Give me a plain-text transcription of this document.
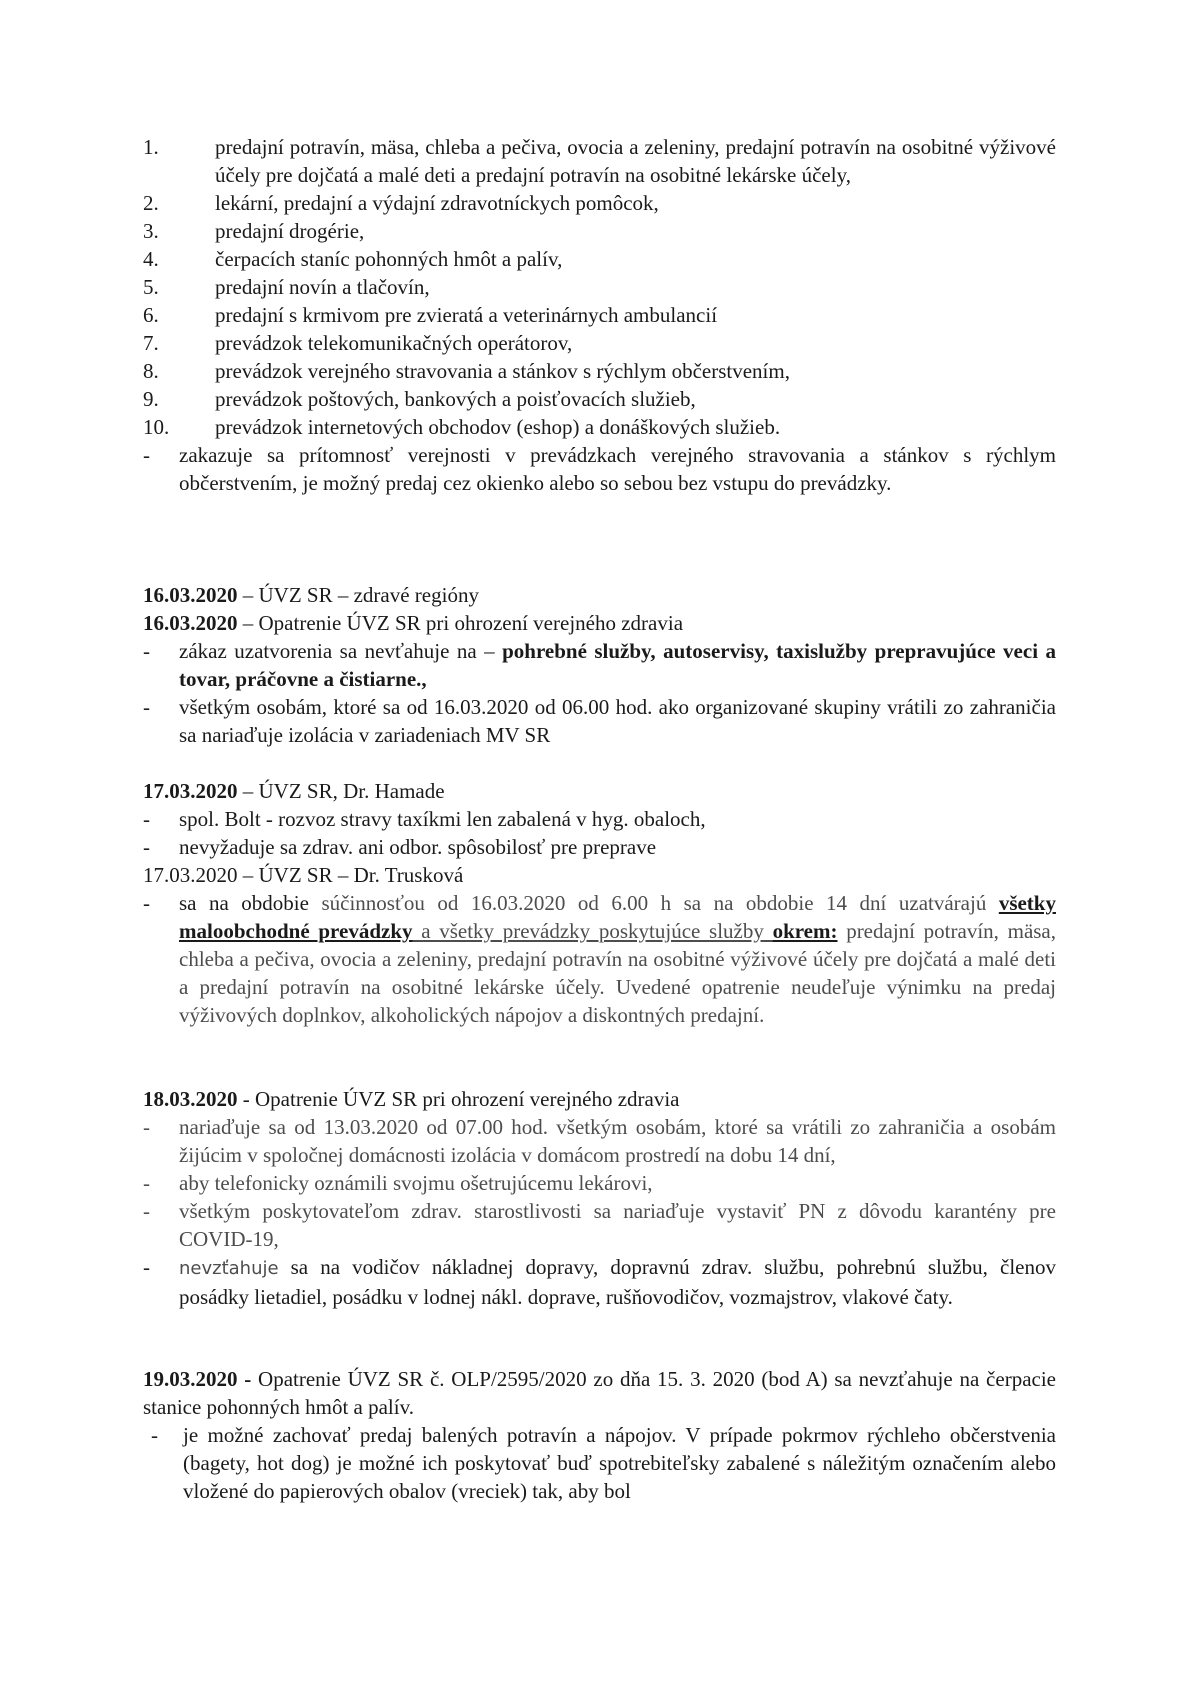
1.	predajní potravín, mäsa, chleba a pečiva, ovocia a zeleniny, predajní potravín na osobitné výživové účely pre dojčatá a malé deti a predajní potravín na osobitné lekárske účely,
2.	lekární, predajní a výdajní zdravotníckych pomôcok,
3.	predajní drogérie,
4.	čerpacích staníc pohonných hmôt a palív,
5.	predajní novín a tlačovín,
6.	predajní s krmivom pre zvieratá a veterinárnych ambulancií
7.	prevádzok telekomunikačných operátorov,
8.	prevádzok verejného stravovania a stánkov s rýchlym občerstvením,
9.	prevádzok poštových, bankových a poisťovacích služieb,
10.	prevádzok internetových obchodov (eshop) a donáškových služieb.
- zakazuje sa prítomnosť verejnosti v prevádzkach verejného stravovania a stánkov s rýchlym občerstvením, je možný predaj cez okienko alebo so sebou bez vstupu do prevádzky.
16.03.2020 – ÚVZ SR – zdravé regióny
16.03.2020 – Opatrenie ÚVZ SR pri ohrození verejného zdravia
- zákaz uzatvorenia sa nevťahuje na – pohrebné služby, autoservisy, taxislužby prepravujúce veci a tovar, práčovne a čistiarne.,
- všetkým osobám, ktoré sa od 16.03.2020 od 06.00 hod. ako organizované skupiny vrátili zo zahraničia sa nariaďuje izolácia v zariadeniach MV SR
17.03.2020 – ÚVZ SR, Dr. Hamade
- spol. Bolt - rozvoz stravy taxíkmi len zabalená v hyg. obaloch,
- nevyžaduje sa zdrav. ani odbor. spôsobilosť pre preprave
17.03.2020 – ÚVZ SR – Dr. Trusková
- sa na obdobie súčinnosťou od 16.03.2020 od 6.00 h sa na obdobie 14 dní uzatvárajú všetky maloobchodné prevádzky a všetky prevádzky poskytujúce služby okrem: predajní potravín, mäsa, chleba a pečiva, ovocia a zeleniny, predajní potravín na osobitné výživové účely pre dojčatá a malé deti a predajní potravín na osobitné lekárske účely. Uvedené opatrenie neudeľuje výnimku na predaj výživových doplnkov, alkoholických nápojov a diskontných predajní.
18.03.2020 - Opatrenie ÚVZ SR pri ohrození verejného zdravia
- nariaďuje sa od 13.03.2020 od 07.00 hod. všetkým osobám, ktoré sa vrátili zo zahraničia a osobám žijúcim v spoločnej domácnosti izolácia v domácom prostredí na dobu 14 dní,
- aby telefonicky oznámili svojmu ošetrujúcemu lekárovi,
- všetkým poskytovateľom zdrav. starostlivosti sa nariaďuje vystaviť PN z dôvodu karantény pre COVID-19,
- nevzťahuje sa na vodičov nákladnej dopravy, dopravnú zdrav. službu, pohrebnú službu, členov posádky lietadiel, posádku v lodnej nákl. doprave, rušňovodičov, vozmajstrov, vlakové čaty.
19.03.2020 - Opatrenie ÚVZ SR č. OLP/2595/2020 zo dňa 15. 3. 2020 (bod A) sa nevzťahuje na čerpacie stanice pohonných hmôt a palív.
- je možné zachovať predaj balených potravín a nápojov. V prípade pokrmov rýchleho občerstvenia (bagety, hot dog) je možné ich poskytovať buď spotrebiteľsky zabalené s náležitým označením alebo vložené do papierových obalov (vreciek) tak, aby bol
